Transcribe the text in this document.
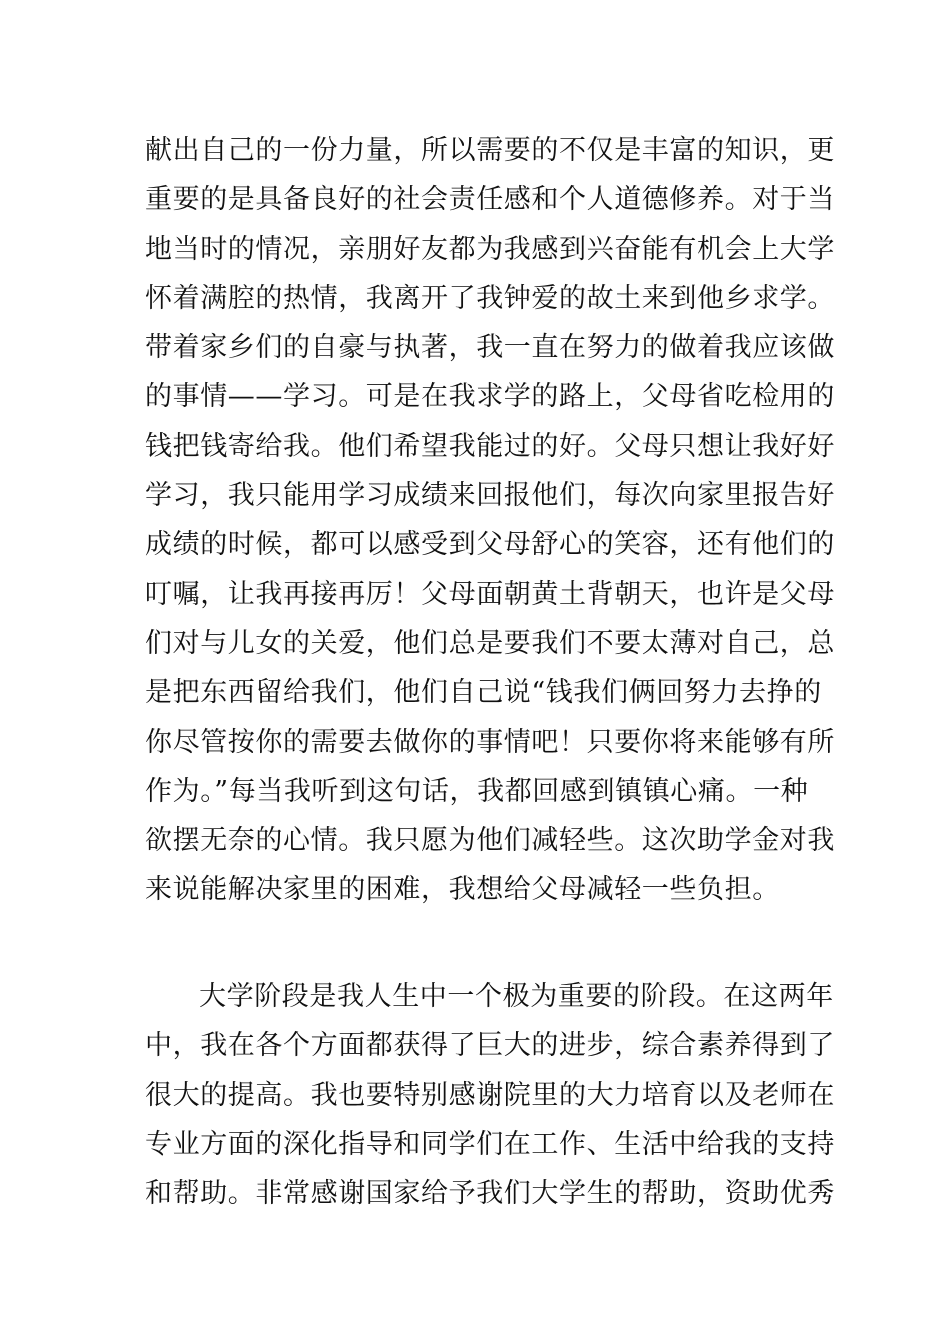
献出自己的一份力量，所以需要的不仅是丰富的知识，更
重要的是具备良好的社会责任感和个人道德修养。对于当
地当时的情况，亲朋好友都为我感到兴奋能有机会上大学
怀着满腔的热情，我离开了我钟爱的故土来到他乡求学。
带着家乡们的自豪与执著，我一直在努力的做着我应该做
的事情——学习。可是在我求学的路上，父母省吃检用的
钱把钱寄给我。他们希望我能过的好。父母只想让我好好
学习，我只能用学习成绩来回报他们，每次向家里报告好
成绩的时候，都可以感受到父母舒心的笑容，还有他们的
叮嘱，让我再接再厉！父母面朝黄土背朝天，也许是父母
们对与儿女的关爱，他们总是要我们不要太薄对自己，总
是把东西留给我们，他们自己说“钱我们俩回努力去挣的
你尽管按你的需要去做你的事情吧！只要你将来能够有所
作为。”每当我听到这句话，我都回感到镇镇心痛。一种
欲摆无奈的心情。我只愿为他们减轻些。这次助学金对我
来说能解决家里的困难，我想给父母减轻一些负担。
大学阶段是我人生中一个极为重要的阶段。在这两年
中，我在各个方面都获得了巨大的进步，综合素养得到了
很大的提高。我也要特别感谢院里的大力培育以及老师在
专业方面的深化指导和同学们在工作、生活中给我的支持
和帮助。非常感谢国家给予我们大学生的帮助，资助优秀
